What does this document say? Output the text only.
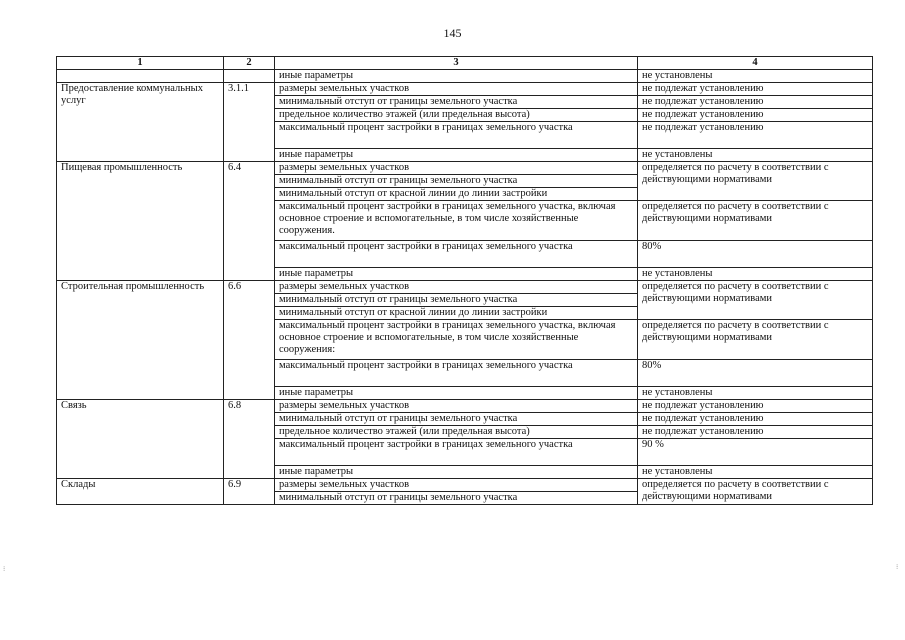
145
1	2	3	4
		иные параметры	не установлены
Предоставление коммунальных услуг	3.1.1	размеры земельных участков	не подлежат установлению
		минимальный отступ от границы земельного участка	не подлежат установлению
		предельное количество этажей (или предельная высота)	не подлежат установлению
		максимальный процент застройки в границах земельного участка	не подлежат установлению
		иные параметры	не установлены
Пищевая промышленность	6.4	размеры земельных участков	определяется по расчету в соответствии с действующими нормативами
		минимальный отступ от границы земельного участка	
		минимальный отступ от красной линии до линии застройки	
		максимальный процент застройки в границах земельного участка, включая основное строение и вспомогательные, в том числе хозяйственные сооружения.	определяется по расчету в соответствии с действующими нормативами
		максимальный процент застройки в границах земельного участка	80%
		иные параметры	не установлены
Строительная промышленность	6.6	размеры земельных участков	определяется по расчету в соответствии с действующими нормативами
		минимальный отступ от границы земельного участка	
		минимальный отступ от красной линии до линии застройки	
		максимальный процент застройки в границах земельного участка, включая основное строение и вспомогательные, в том числе хозяйственные сооружения:	определяется по расчету в соответствии с действующими нормативами
		максимальный процент застройки в границах земельного участка	80%
		иные параметры	не установлены
Связь	6.8	размеры земельных участков	не подлежат установлению
		минимальный отступ от границы земельного участка	не подлежат установлению
		предельное количество этажей (или предельная высота)	не подлежат установлению
		максимальный процент застройки в границах земельного участка	90 %
		иные параметры	не установлены
Склады	6.9	размеры земельных участков	определяется по расчету в соответствии с действующими нормативами
		минимальный отступ от границы земельного участка	
⁝	⁝
